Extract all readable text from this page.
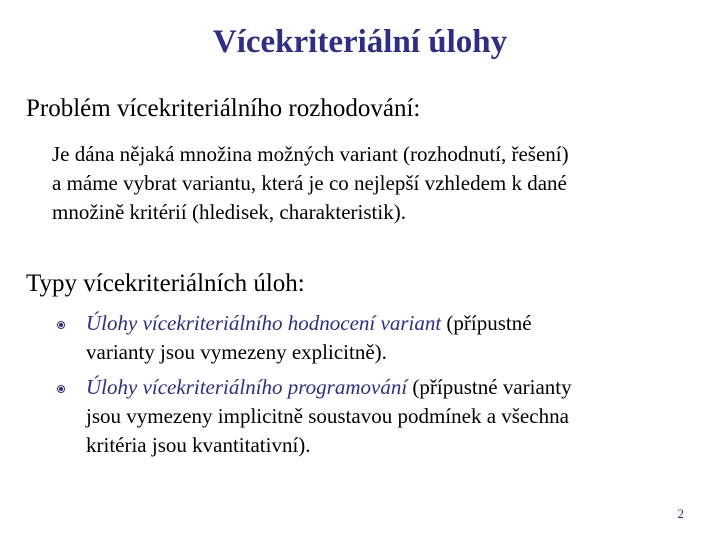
Vícekriteriální úlohy
Problém vícekriteriálního rozhodování:
Je dána nějaká množina možných variant (rozhodnutí, řešení)
a máme vybrat variantu, která je co nejlepší vzhledem k dané
množině kritérií (hledisek, charakteristik).
Typy vícekriteriálních úloh:
Úlohy vícekriteriálního hodnocení variant (přípustné
varianty jsou vymezeny explicitně).
Úlohy vícekriteriálního programování (přípustné varianty
jsou vymezeny implicitně soustavou podmínek a všechna
kritéria jsou kvantitativní).
2
